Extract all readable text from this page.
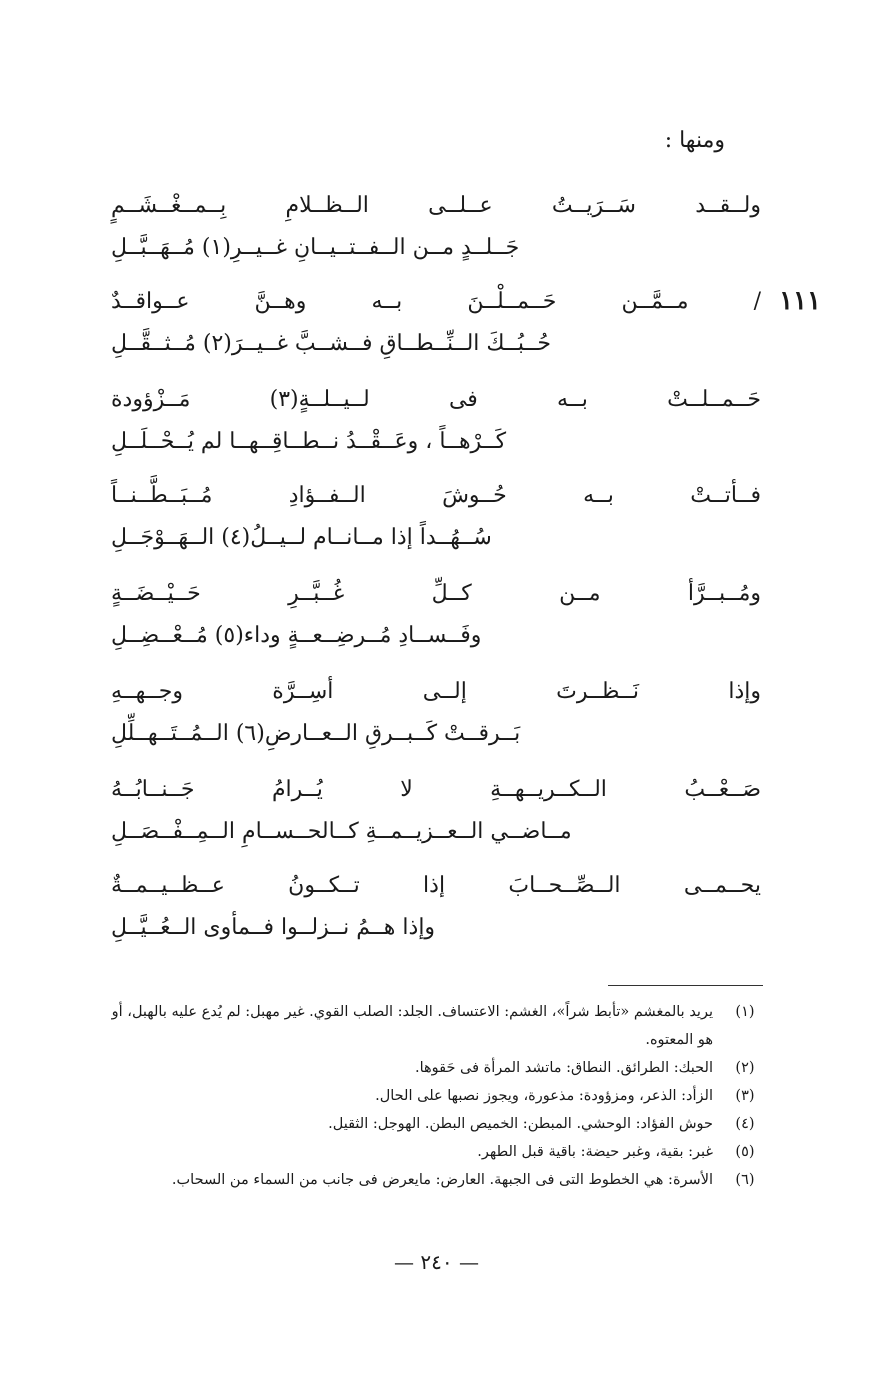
ومنها :
١١١
ولــقــد سَــرَيــتُ عــلــى الــظــلامِ بِــمــغْــشَــمٍ
جَــلــدٍ مــن الــفــتــيــانِ غــيــرِ(١) مُــهَــبَّــلِ
/ مــمَّــن حَــمــلْــنَ بــه وهــنَّ عــواقــدٌ
حُــبُــكَ الــنِّــطــاقِ فــشــبَّ غــيــرَ(٢) مُــثــقَّــلِ
حَــمــلــتْ بــه فى لــيــلــةٍ(٣) مَــزْؤودة
كَــرْهــاً ، وعَــقْــدُ نــطــاقِــهــا لم يُــحْــلَــلِ
فــأتــتْ بــه حُــوشَ الــفــؤادِ مُــبَــطَّــنــاً
سُــهُــداً إذا مــانــام لــيــلُ(٤) الــهَــوْجَــلِ
ومُــبــرَّأ مــن كــلِّ غُــبَّــرِ حَــيْــضَــةٍ
وفَــســادِ مُــرضِــعــةٍ وداء(٥) مُــعْــضِــلِ
وإذا نَــظــرتَ إلــى أسِــرَّة وجــهــهِ
بَــرقــتْ كَــبــرقِ الــعــارضِ(٦) الــمُــتَــهــلِّلِ
صَــعْــبُ الــكــريــهــةِ لا يُــرامُ جَــنــابُــهُ
مــاضــي الــعــزيــمــةِ كــالحــســامِ الــمِــفْــصَــلِ
يحــمــى الــصِّــحــابَ إذا تــكــونُ عــظــيــمــةٌ
وإذا هــمُ نــزلــوا فــمأوى الــعُــيَّــلِ
(١)
يريد بالمغشم «تأبط شراً»، الغشم: الاعتساف. الجلد: الصلب القوي. غير مهبل: لم يُدع عليه بالهبل، أو هو المعتوه.
(٢)
الحبك: الطرائق. النطاق: ماتشد المرأة فى حَقوها.
(٣)
الزأد: الذعر، ومزؤودة: مذعورة، ويجوز نصبها على الحال.
(٤)
حوش الفؤاد: الوحشي. المبطن: الخميص البطن. الهوجل: الثقيل.
(٥)
غبر: بقية، وغبر حيضة: باقية قبل الطهر.
(٦)
الأسرة: هي الخطوط التى فى الجبهة. العارض: مايعرض فى جانب من السماء من السحاب.
— ٢٤٠ —
